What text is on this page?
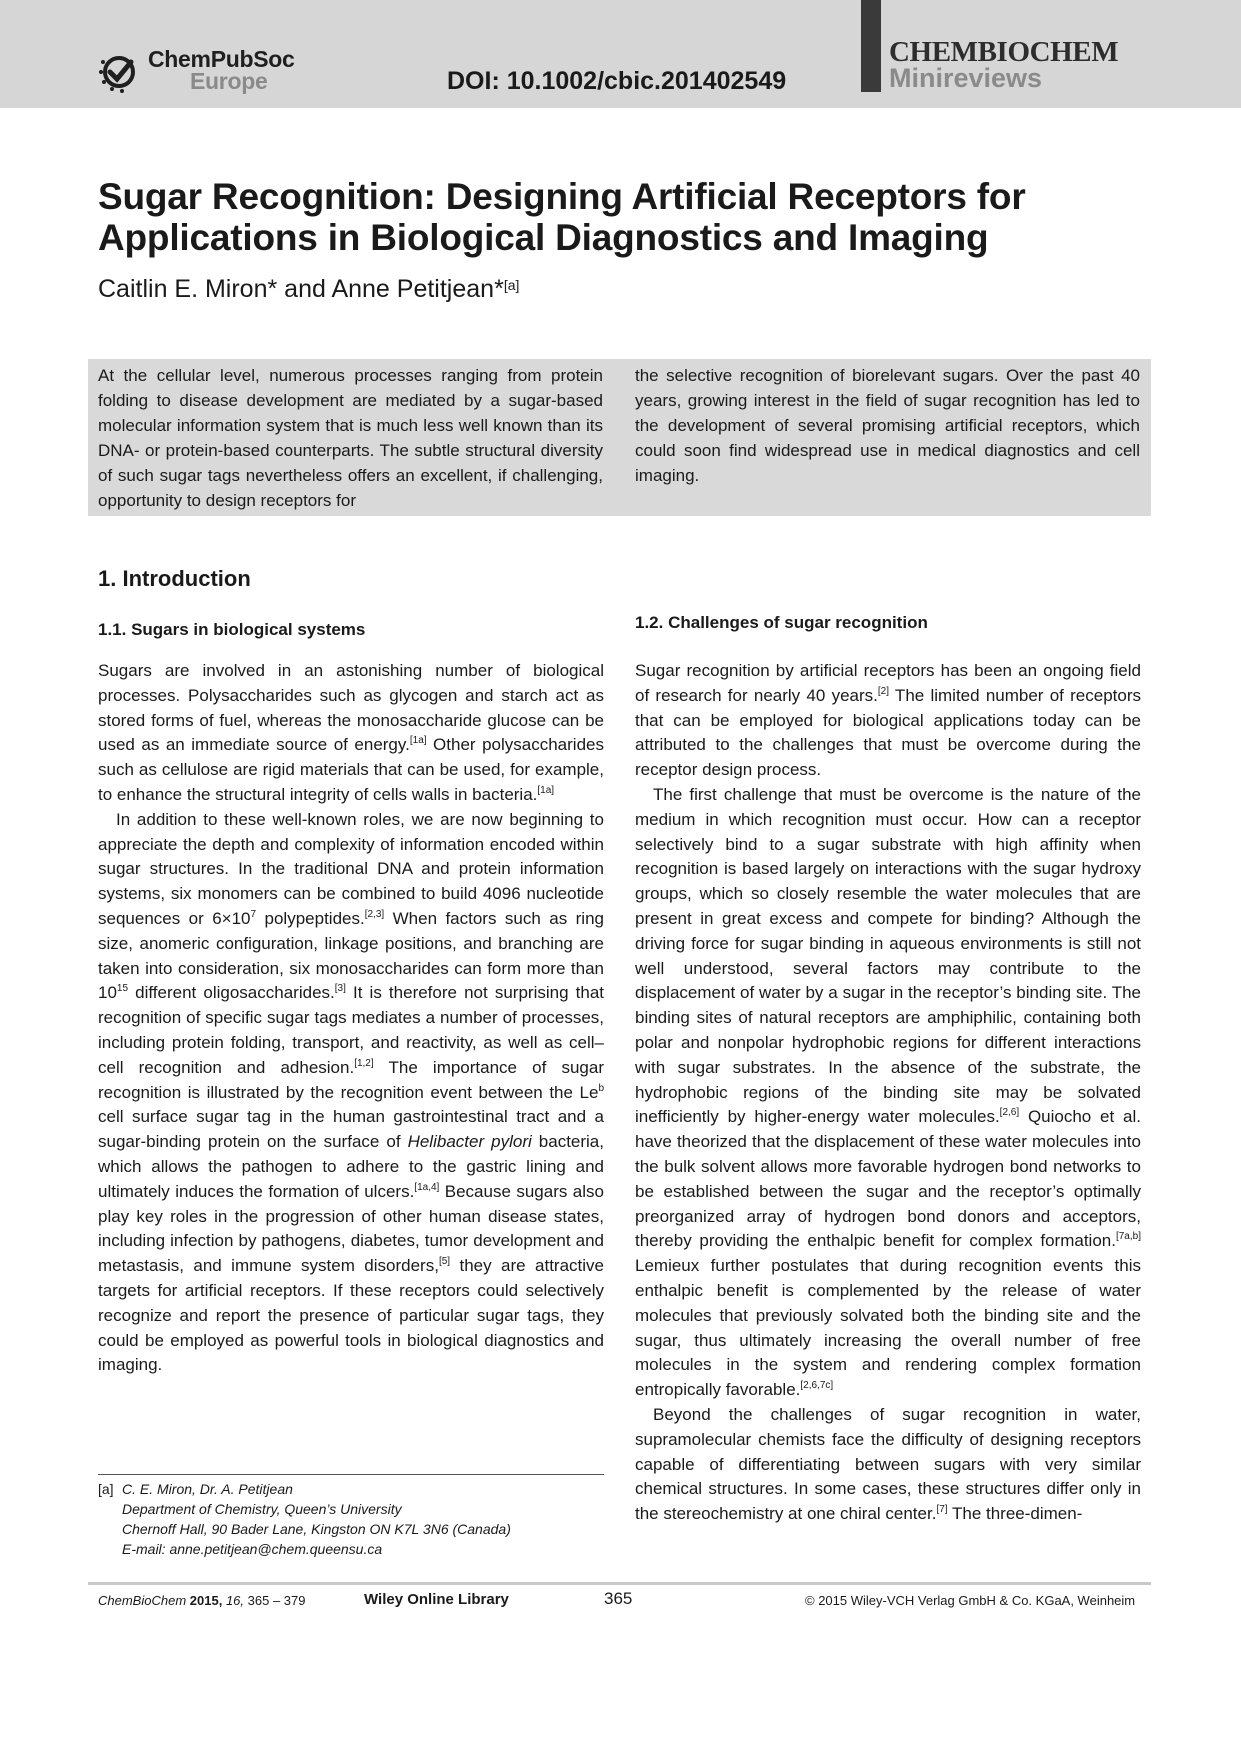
ChemPubSoc
Europe	DOI: 10.1002/cbic.201402549
CHEMBIOCHEM
Minireviews
Sugar Recognition: Designing Artificial Receptors for
Applications in Biological Diagnostics and Imaging
Caitlin E. Miron* and Anne Petitjean*[a]
At the cellular level, numerous processes ranging from protein folding to disease development are mediated by a sugar-based molecular information system that is much less well known than its DNA- or protein-based counterparts. The subtle structural diversity of such sugar tags nevertheless offers an excellent, if challenging, opportunity to design receptors for
the selective recognition of biorelevant sugars. Over the past 40 years, growing interest in the field of sugar recognition has led to the development of several promising artificial receptors, which could soon find widespread use in medical diagnostics and cell imaging.
1. Introduction
1.1. Sugars in biological systems	1.2. Challenges of sugar recognition

Sugars are involved in an astonishing number of biological processes. Polysaccharides such as glycogen and starch act as stored forms of fuel, whereas the monosaccharide glucose can be used as an immediate source of energy.[1a] Other polysaccharides such as cellulose are rigid materials that can be used, for example, to enhance the structural integrity of cells walls in bacteria.[1a]

In addition to these well-known roles, we are now beginning to appreciate the depth and complexity of information encoded within sugar structures. In the traditional DNA and protein information systems, six monomers can be combined to build 4096 nucleotide sequences or $6\times 10^7$ polypeptides.[2,3] When factors such as ring size, anomeric configuration, linkage positions, and branching are taken into consideration, six monosaccharides can form more than $10^{15}$ different oligosaccharides.[3] It is therefore not surprising that recognition of specific sugar tags mediates a number of processes, including protein folding, transport, and reactivity, as well as cell–cell recognition and adhesion.[1,2] The importance of sugar recognition is illustrated by the recognition event between the Le$^b$ cell surface sugar tag in the human gastrointestinal tract and a sugar-binding protein on the surface of Helibacter pylori bacteria, which allows the pathogen to adhere to the gastric lining and ultimately induces the formation of ulcers.[1a,4] Because sugars also play key roles in the progression of other human disease states, including infection by pathogens, diabetes, tumor development and metastasis, and immune system disorders,[5] they are attractive targets for artificial receptors. If these receptors could selectively recognize and report the presence of particular sugar tags, they could be employed as powerful tools in biological diagnostics and imaging.

Sugar recognition by artificial receptors has been an ongoing field of research for nearly 40 years.[2] The limited number of receptors that can be employed for biological applications today can be attributed to the challenges that must be overcome during the receptor design process.

The first challenge that must be overcome is the nature of the medium in which recognition must occur. How can a receptor selectively bind to a sugar substrate with high affinity when recognition is based largely on interactions with the sugar hydroxy groups, which so closely resemble the water molecules that are present in great excess and compete for binding? Although the driving force for sugar binding in aqueous environments is still not well understood, several factors may contribute to the displacement of water by a sugar in the receptor’s binding site. The binding sites of natural receptors are amphiphilic, containing both polar and nonpolar hydrophobic regions for different interactions with sugar substrates. In the absence of the substrate, the hydrophobic regions of the binding site may be solvated inefficiently by higher-energy water molecules.[2,6] Quiocho et al. have theorized that the displacement of these water molecules into the bulk solvent allows more favorable hydrogen bond networks to be established between the sugar and the receptor’s optimally preorganized array of hydrogen bond donors and acceptors, thereby providing the enthalpic benefit for complex formation.[7a,b] Lemieux further postulates that during recognition events this enthalpic benefit is complemented by the release of water molecules that previously solvated both the binding site and the sugar, thus ultimately increasing the overall number of free molecules in the system and rendering complex formation entropically favorable.[2,6,7c]

Beyond the challenges of sugar recognition in water, supramolecular chemists face the difficulty of designing receptors capable of differentiating between sugars with very similar chemical structures. In some cases, these structures differ only in the stereochemistry at one chiral center.[7] The three-dimen-

[a] C. E. Miron, Dr. A. Petitjean
Department of Chemistry, Queen’s University
Chernoff Hall, 90 Bader Lane, Kingston ON K7L 3N6 (Canada)
E-mail: anne.petitjean@chem.queensu.ca
ChemBioChem 2015, 16, 365 – 379	Wiley Online Library	365	© 2015 Wiley-VCH Verlag GmbH & Co. KGaA, Weinheim
